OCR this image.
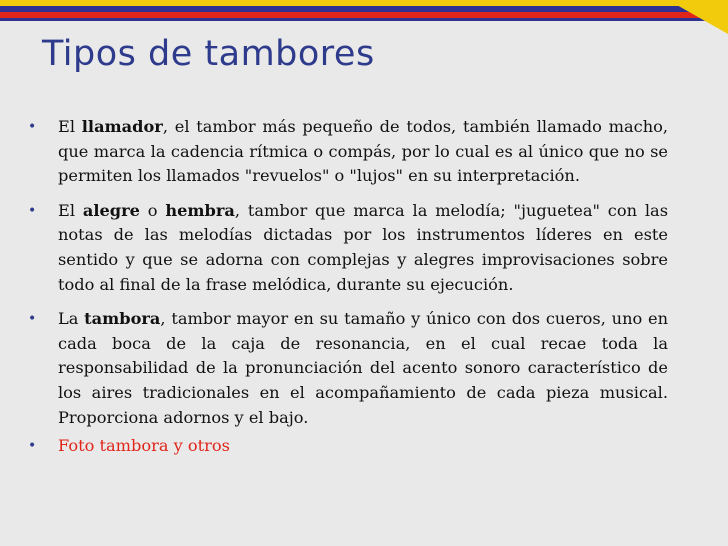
Tipos de tambores
• El llamador, el tambor más pequeño de todos, también llamado macho, que marca la cadencia rítmica o compás, por lo cual es al único que no se permiten los llamados "revuelos" o "lujos" en su interpretación.
• El alegre o hembra, tambor que marca la melodía; "juguetea" con las notas de las melodías dictadas por los instrumentos líderes en este sentido y que se adorna con complejas y alegres improvisaciones sobre todo al final de la frase melódica, durante su ejecución.
• La tambora, tambor mayor en su tamaño y único con dos cueros, uno en cada boca de la caja de resonancia, en el cual recae toda la responsabilidad de la pronunciación del acento sonoro característico de los aires tradicionales en el acompañamiento de cada pieza musical. Proporciona adornos y el bajo.
• Foto tambora y otros
